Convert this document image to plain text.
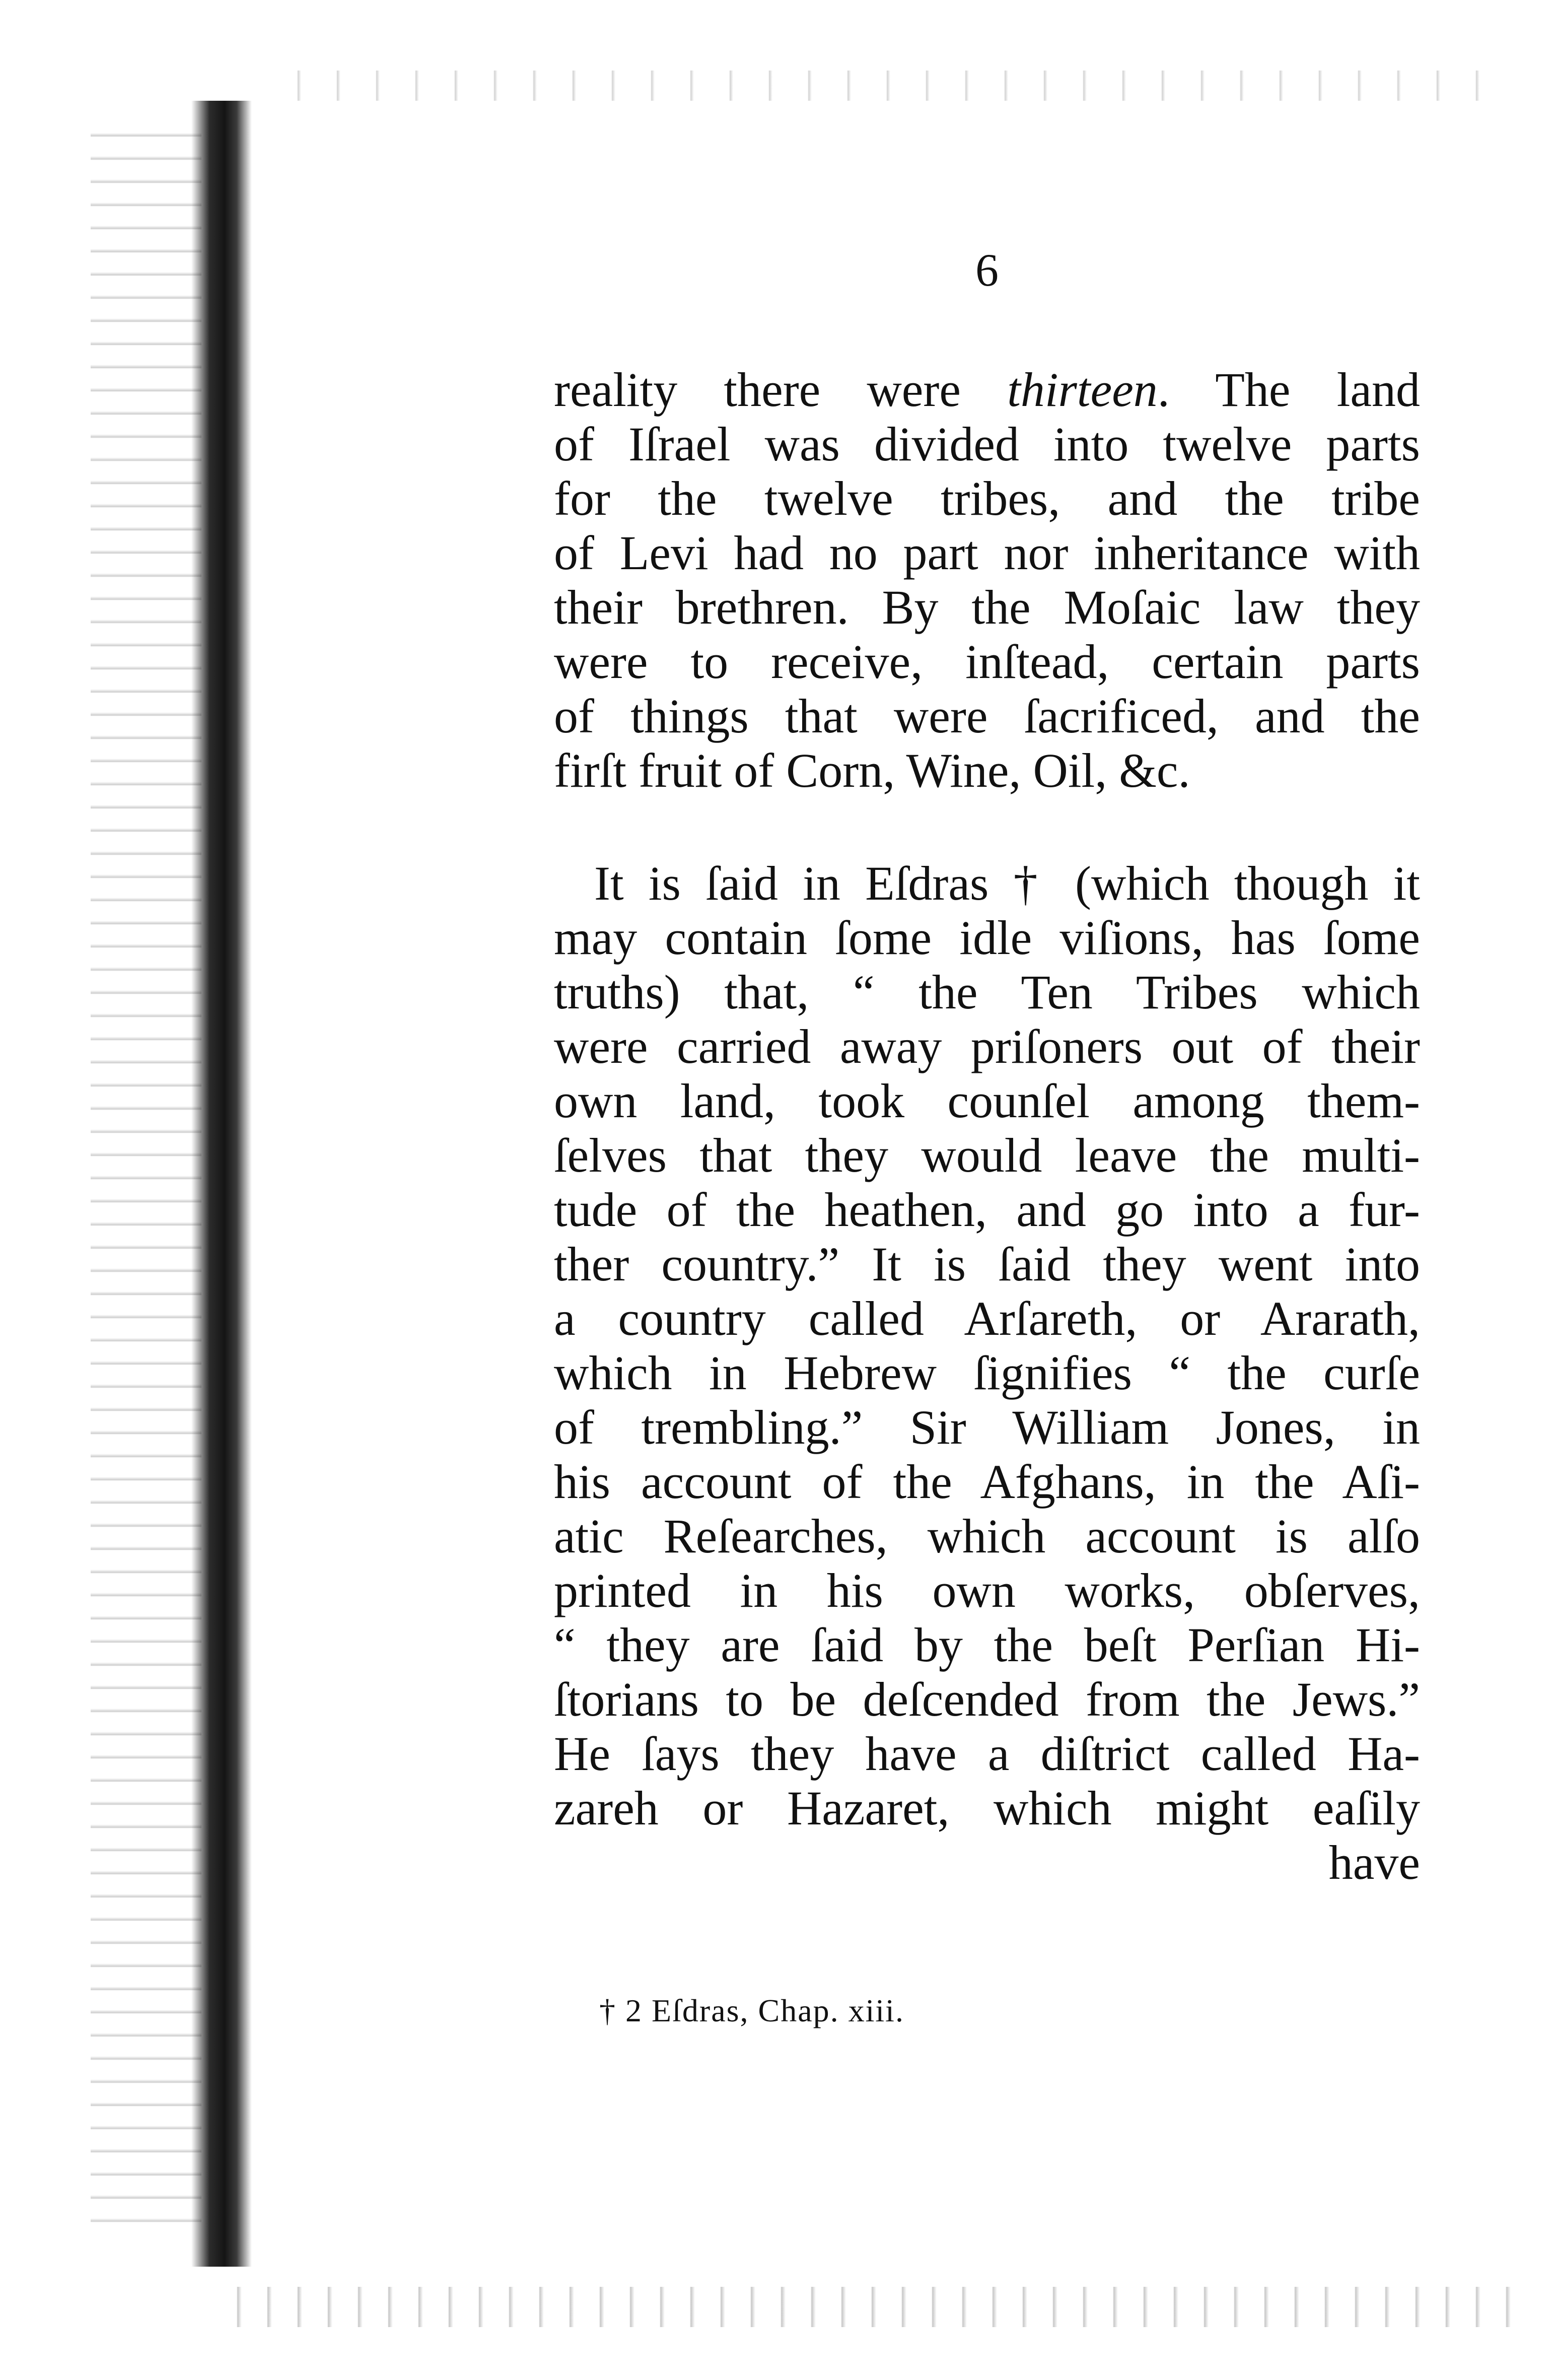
6
reality there were thirteen. The land
of Iſrael was divided into twelve parts
for the twelve tribes, and the tribe
of Levi had no part nor inheritance with
their brethren. By the Moſaic law they
were to receive, inſtead, certain parts
of things that were ſacrificed, and the
firſt fruit of Corn, Wine, Oil, &c.
It is ſaid in Eſdras † (which though it
may contain ſome idle viſions, has ſome
truths) that, “ the Ten Tribes which
were carried away priſoners out of their
own land, took counſel among them-
ſelves that they would leave the multi-
tude of the heathen, and go into a fur-
ther country.” It is ſaid they went into
a country called Arſareth, or Ararath,
which in Hebrew ſignifies “ the curſe
of trembling.” Sir William Jones, in
his account of the Afghans, in the Aſi-
atic Reſearches, which account is alſo
printed in his own works, obſerves,
“ they are ſaid by the beſt Perſian Hi-
ſtorians to be deſcended from the Jews.”
He ſays they have a diſtrict called Ha-
zareh or Hazaret, which might eaſily
have
† 2 Eſdras, Chap. xiii.
